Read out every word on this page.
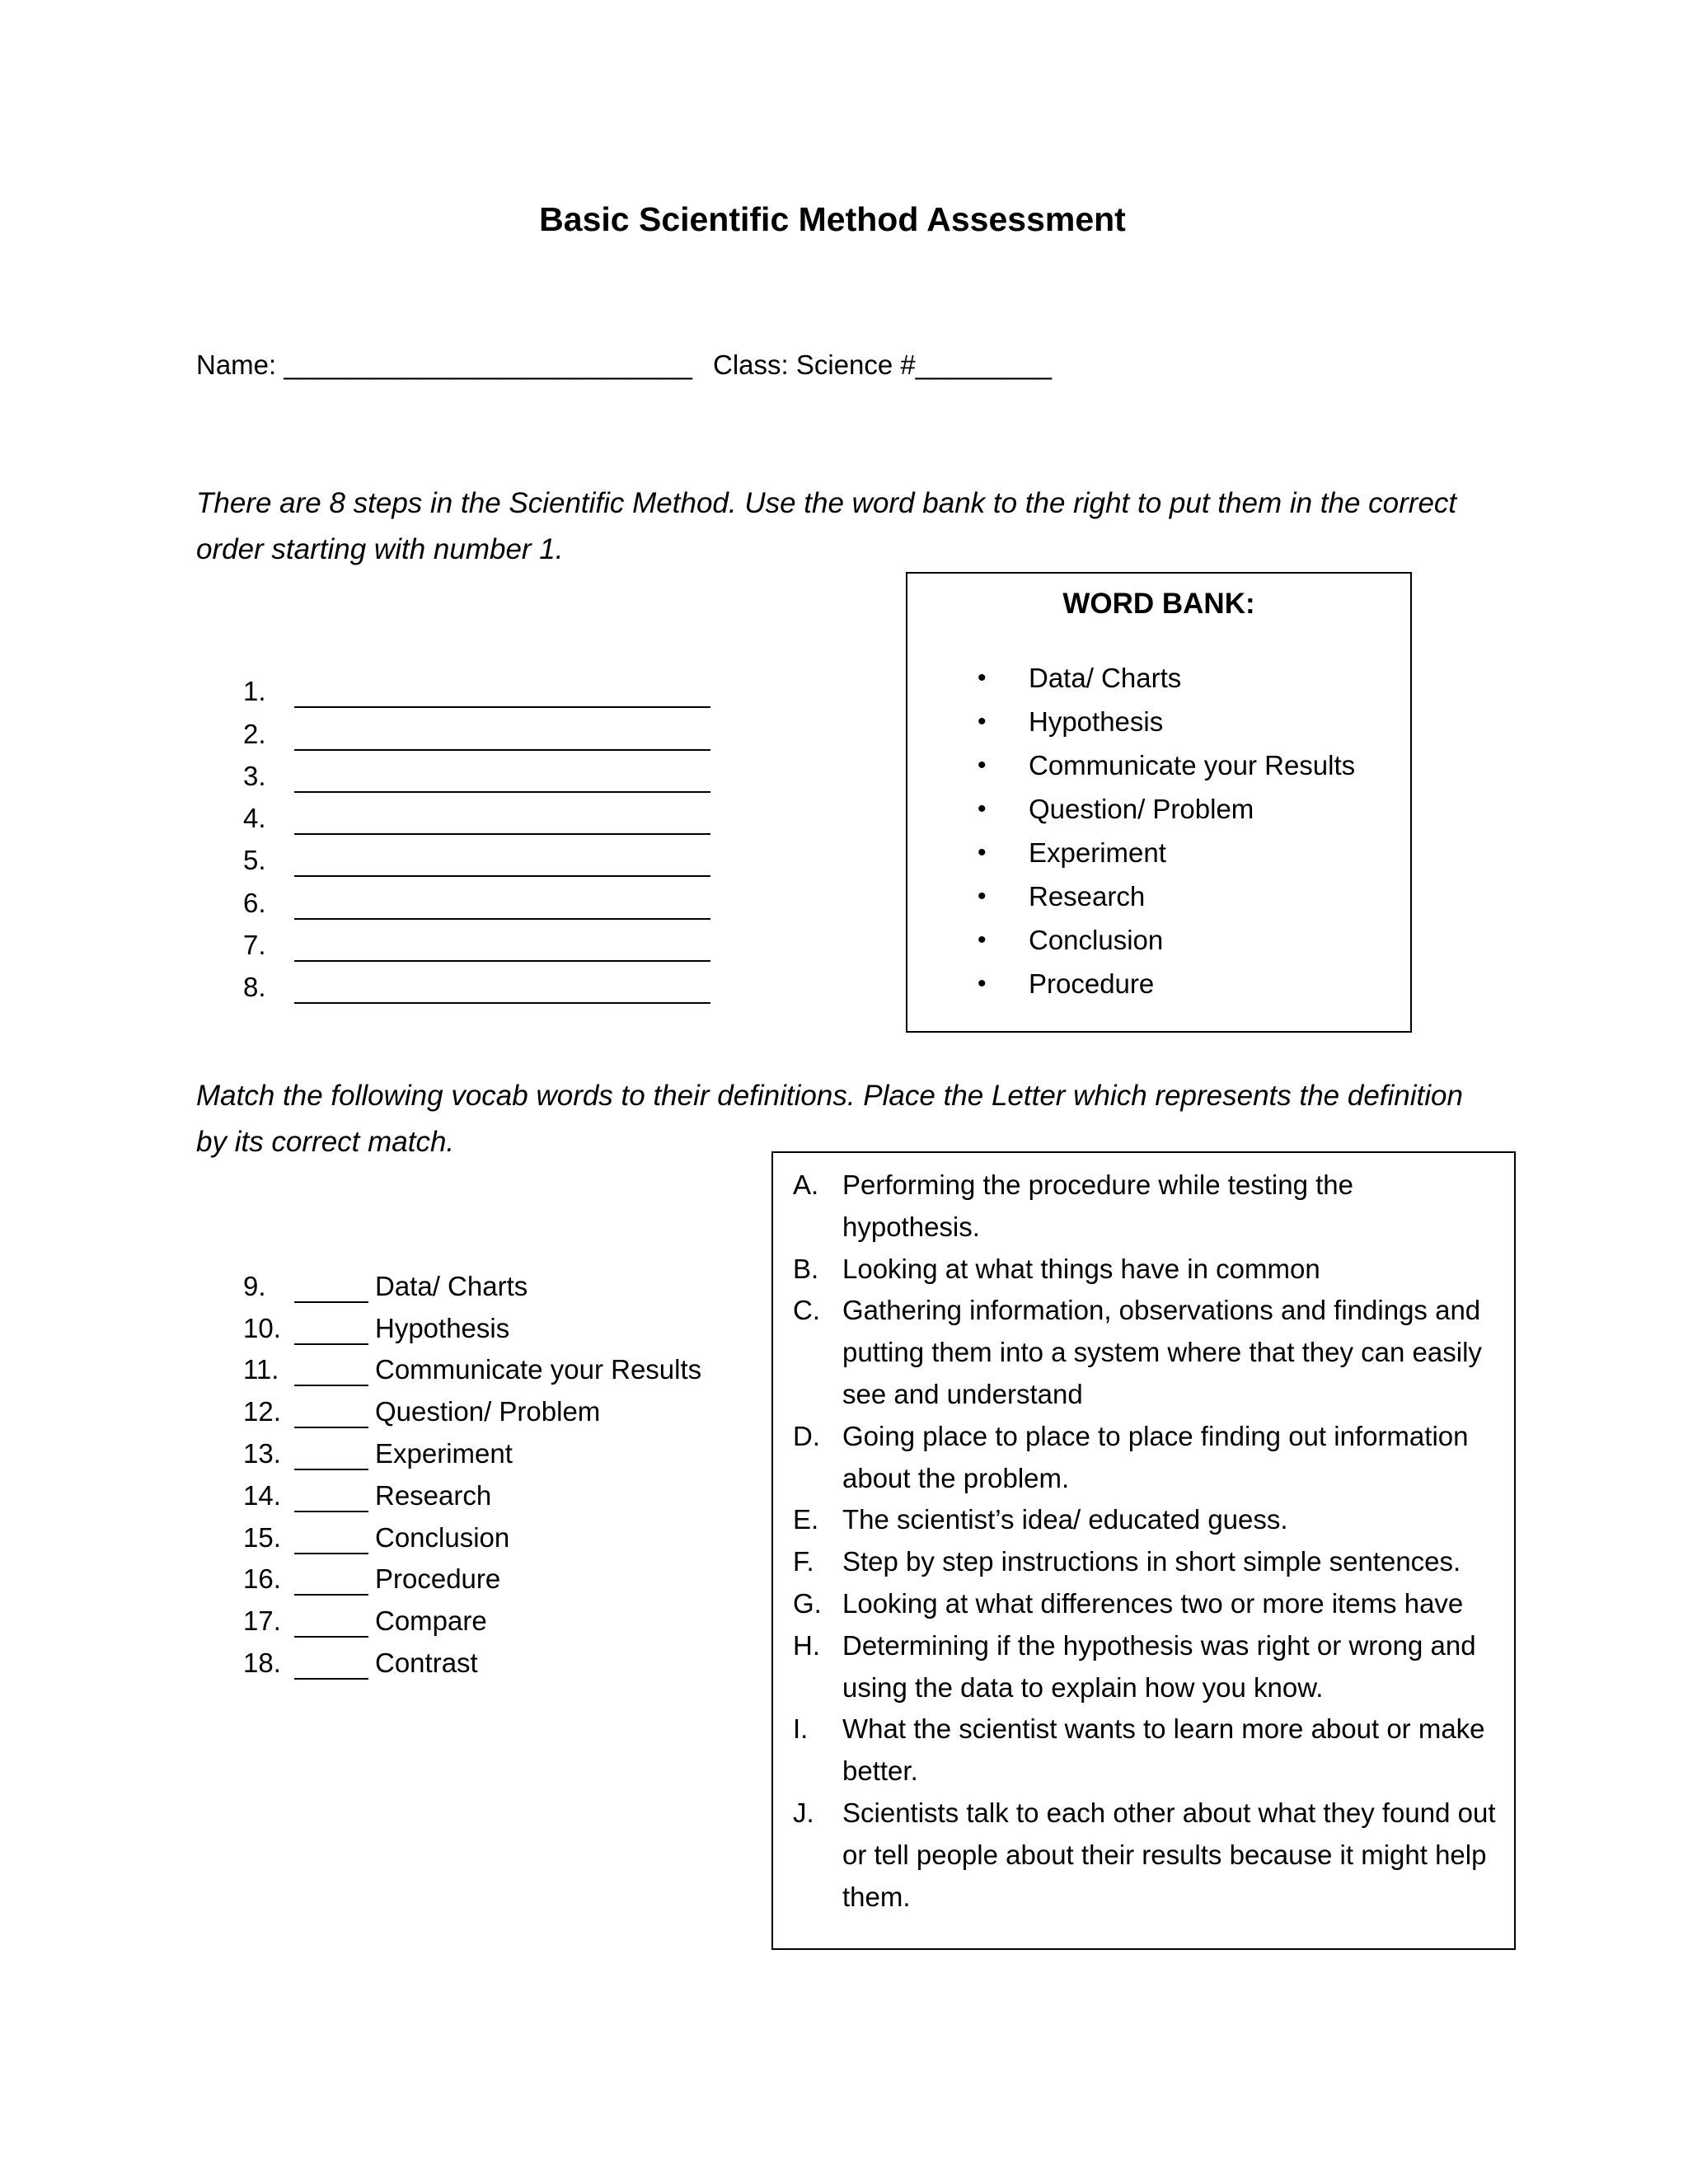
Basic Scientific Method Assessment
Name: ___________________________ Class: Science #_________
There are 8 steps in the Scientific Method. Use the word bank to the right to put them in the correct order starting with number 1.
1.
2.
3.
4.
5.
6.
7.
8.
WORD BANK:
•	Data/ Charts
•	Hypothesis
•	Communicate your Results
•	Question/ Problem
•	Experiment
•	Research
•	Conclusion
•	Procedure
Match the following vocab words to their definitions. Place the Letter which represents the definition by its correct match.
9.	Data/ Charts
10.	Hypothesis
11.	Communicate your Results
12.	Question/ Problem
13.	Experiment
14.	Research
15.	Conclusion
16.	Procedure
17.	Compare
18.	Contrast
A. Performing the procedure while testing the hypothesis.
B. Looking at what things have in common
C. Gathering information, observations and findings and putting them into a system where that they can easily see and understand
D. Going place to place to place finding out information about the problem.
E. The scientist’s idea/ educated guess.
F.	Step by step instructions in short simple sentences.
G. Looking at what differences two or more items have
H. Determining if the hypothesis was right or wrong and using the data to explain how you know.
I.	What the scientist wants to learn more about or make better.
J.	Scientists talk to each other about what they found out or tell people about their results because it might help them.
